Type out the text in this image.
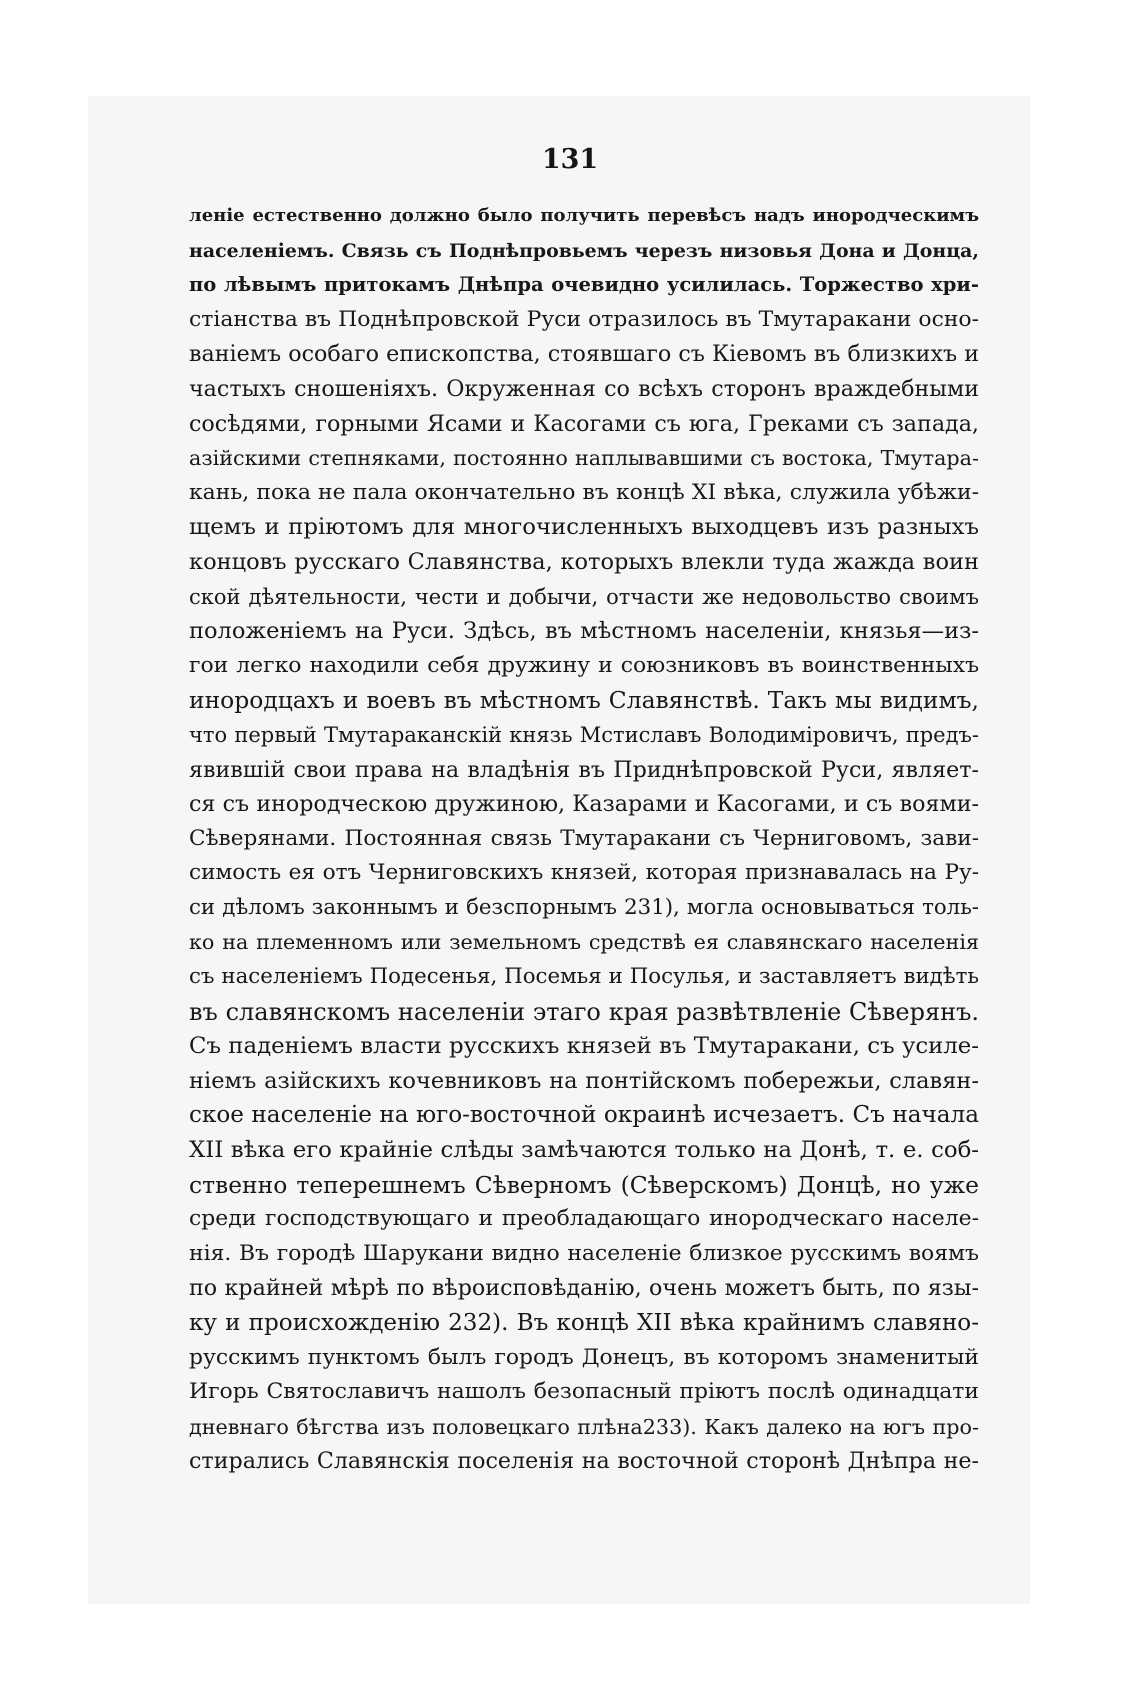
131
леніе естественно должно было получить перевѣсъ надъ инородческимъ
населеніемъ. Связь съ Поднѣпровьемъ черезъ низовья Дона и Донца,
по лѣвымъ притокамъ Днѣпра очевидно усилилась. Торжество хри-
стіанства въ Поднѣпровской Руси отразилось въ Тмутаракани осно-
ваніемъ особаго епископства, стоявшаго съ Кіевомъ въ близкихъ и
частыхъ сношеніяхъ. Окруженная со всѣхъ сторонъ враждебными
сосѣдями, горными Ясами и Касогами съ юга, Греками съ запада,
азійскими степняками, постоянно наплывавшими съ востока, Тмутара-
кань, пока не пала окончательно въ концѣ XI вѣка, служила убѣжи-
щемъ и пріютомъ для многочисленныхъ выходцевъ изъ разныхъ
концовъ русскаго Славянства, которыхъ влекли туда жажда воин
ской дѣятельности, чести и добычи, отчасти же недовольство своимъ
положеніемъ на Руси. Здѣсь, въ мѣстномъ населеніи, князья—из-
гои легко находили себя дружину и союзниковъ въ воинственныхъ
инородцахъ и воевъ въ мѣстномъ Славянствѣ. Такъ мы видимъ,
что первый Тмутараканскій князь Мстиславъ Володиміровичъ, предъ-
явившій свои права на владѣнія въ Приднѣпровской Руси, являет-
ся съ инородческою дружиною, Казарами и Касогами, и съ воями-
Сѣверянами. Постоянная связь Тмутаракани съ Черниговомъ, зави-
симость ея отъ Черниговскихъ князей, которая признавалась на Ру-
си дѣломъ законнымъ и безспорнымъ 231), могла основываться толь-
ко на племенномъ или земельномъ средствѣ ея славянскаго населенія
съ населеніемъ Подесенья, Посемья и Посулья, и заставляетъ видѣть
въ славянскомъ населеніи этаго края развѣтвленіе Сѣверянъ.
Съ паденіемъ власти русскихъ князей въ Тмутаракани, съ усиле-
ніемъ азійскихъ кочевниковъ на понтійскомъ побережьи, славян-
ское населеніе на юго-восточной окраинѣ исчезаетъ. Съ начала
XII вѣка его крайніе слѣды замѣчаются только на Донѣ, т. е. соб-
ственно теперешнемъ Сѣверномъ (Сѣверскомъ) Донцѣ, но уже
среди господствующаго и преобладающаго инородческаго населе-
нія. Въ городѣ Шарукани видно населеніе близкое русскимъ воямъ
по крайней мѣрѣ по вѣроисповѣданію, очень можетъ быть, по язы-
ку и происхожденію 232). Въ концѣ XII вѣка крайнимъ славяно-
русскимъ пунктомъ былъ городъ Донецъ, въ которомъ знаменитый
Игорь Святославичъ нашолъ безопасный пріютъ послѣ одинадцати
дневнаго бѣгства изъ половецкаго плѣна233). Какъ далеко на югъ про-
стирались Славянскія поселенія на восточной сторонѣ Днѣпра не-
